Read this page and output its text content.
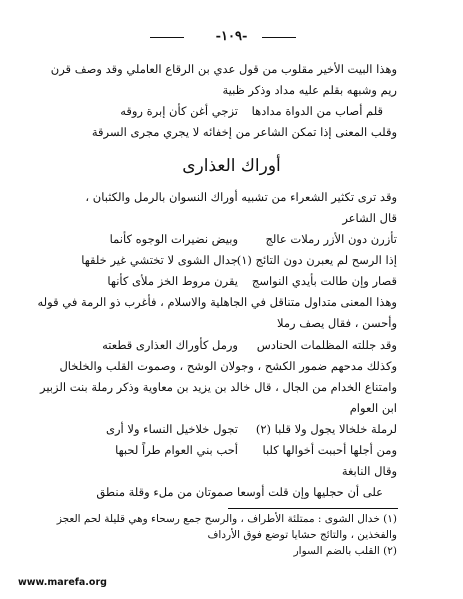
-١٠٩-
وهذا البيت الأخير مقلوب من قول عدي بن الرقاع العاملي وقد وصف قرن
ريم وشبهه بقلم عليه مداد وذكر ظبية
تزجي أغن كأن إبرة روقه قلم أصاب من الدواة مدادها
وقلب المعنى إذا تمكن الشاعر من إخفائه لا يجري مجرى السرقة
أوراك العذارى
وقد ترى تكثير الشعراء من تشبيه أوراك النسوان بالرمل والكثبان ،
قال الشاعر
وبيض نضيرات الوجوه كأنما تأزرن دون الأزر رملات عالج
جدال الشوى لا تختشي غير خلقها
إذا الرسح لم يعبرن دون التائج (١)
يقرن مروط الخز ملأى كأنها قصار وإن طالت بأيدي النواسج
وهذا المعنى متداول متناقل في الجاهلية والاسلام ، فأغرب ذو الرمة في قوله
وأحسن ، فقال يصف رملا
ورمل كأوراك العذارى قطعته وقد جللته المظلمات الحنادس
وكذلك مدحهم ضمور الكشح ، وجولان الوشح ، وصموت القلب والخلخال
وامتناع الخدام من الجال ، قال خالد بن يزيد بن معاوية وذكر رملة بنت الزبير
ابن العوام
تجول خلاخيل النساء ولا أرى لرملة خلخالا يجول ولا قلبا (٢)
أحب بني العوام طراً لحبها ومن أجلها أحببت أخوالها كلبا
وقال النابغة
على أن حجليها وإن قلت أوسعا صموتان من ملء وقلة منطق
(١) خدال الشوى : ممتلئة الأطراف ، والرسح جمع رسحاء وهي قليلة لحم العجز
والفخذين ، والتائج حشايا توضع فوق الأرداف
(٢) القلب بالضم السوار
www.marefa.org
